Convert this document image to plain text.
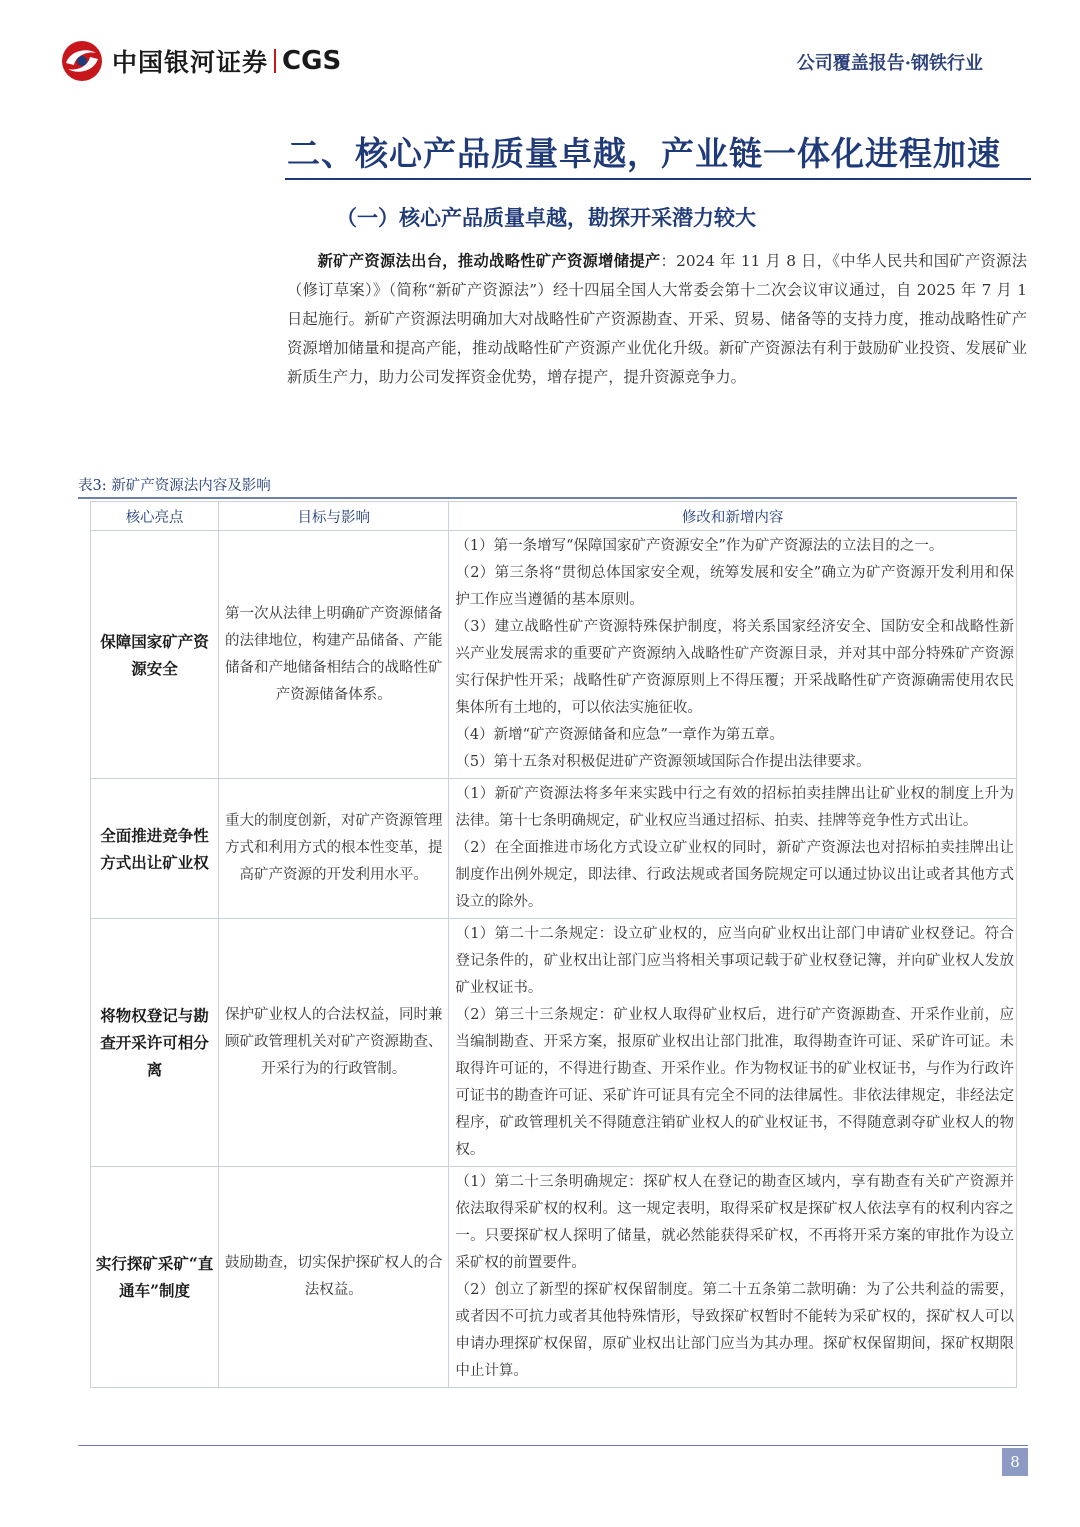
中国银河证券 CGS	公司覆盖报告·钢铁行业
二、核心产品质量卓越，产业链一体化进程加速
（一）核心产品质量卓越，勘探开采潜力较大

新矿产资源法出台，推动战略性矿产资源增储提产：2024 年 11 月 8 日，《中华人民共和国矿产资源法（修订草案）》（简称“新矿产资源法”）经十四届全国人大常委会第十二次会议审议通过，自 2025 年 7 月 1 日起施行。新矿产资源法明确加大对战略性矿产资源勘查、开采、贸易、储备等的支持力度，推动战略性矿产资源增加储量和提高产能，推动战略性矿产资源产业优化升级。新矿产资源法有利于鼓励矿业投资、发展矿业新质生产力，助力公司发挥资金优势，增存提产，提升资源竞争力。

表3: 新矿产资源法内容及影响
核心亮点	目标与影响	修改和新增内容
保障国家矿产资源安全	第一次从法律上明确矿产资源储备的法律地位，构建产品储备、产能储备和产地储备相结合的战略性矿产资源储备体系。	（1）第一条增写“保障国家矿产资源安全”作为矿产资源法的立法目的之一。

（2）第三条将“贯彻总体国家安全观，统筹发展和安全”确立为矿产资源开发利用和保护工作应当遵循的基本原则。

（3）建立战略性矿产资源特殊保护制度，将关系国家经济安全、国防安全和战略性新兴产业发展需求的重要矿产资源纳入战略性矿产资源目录，并对其中部分特殊矿产资源实行保护性开采；战略性矿产资源原则上不得压覆；开采战略性矿产资源确需使用农民集体所有土地的，可以依法实施征收。

（4）新增“矿产资源储备和应急”一章作为第五章。

（5）第十五条对积极促进矿产资源领域国际合作提出法律要求。

全面推进竞争性方式出让矿业权	重大的制度创新，对矿产资源管理方式和利用方式的根本性变革，提高矿产资源的开发利用水平。	（1）新矿产资源法将多年来实践中行之有效的招标拍卖挂牌出让矿业权的制度上升为法律。第十七条明确规定，矿业权应当通过招标、拍卖、挂牌等竞争性方式出让。

（2）在全面推进市场化方式设立矿业权的同时，新矿产资源法也对招标拍卖挂牌出让制度作出例外规定，即法律、行政法规或者国务院规定可以通过协议出让或者其他方式设立的除外。

将物权登记与勘查开采许可相分离	保护矿业权人的合法权益，同时兼顾矿政管理机关对矿产资源勘查、开采行为的行政管制。	（1）第二十二条规定：设立矿业权的，应当向矿业权出让部门申请矿业权登记。符合登记条件的，矿业权出让部门应当将相关事项记载于矿业权登记簿，并向矿业权人发放矿业权证书。

（2）第三十三条规定：矿业权人取得矿业权后，进行矿产资源勘查、开采作业前，应当编制勘查、开采方案，报原矿业权出让部门批准，取得勘查许可证、采矿许可证。未取得许可证的，不得进行勘查、开采作业。作为物权证书的矿业权证书，与作为行政许可证书的勘查许可证、采矿许可证具有完全不同的法律属性。非依法律规定，非经法定程序，矿政管理机关不得随意注销矿业权人的矿业权证书，不得随意剥夺矿业权人的物权。

实行探矿采矿“直通车”制度	鼓励勘查，切实保护探矿权人的合法权益。	（1）第二十三条明确规定：探矿权人在登记的勘查区域内，享有勘查有关矿产资源并依法取得采矿权的权利。这一规定表明，取得采矿权是探矿权人依法享有的权利内容之一。只要探矿权人探明了储量，就必然能获得采矿权，不再将开采方案的审批作为设立采矿权的前置要件。

（2）创立了新型的探矿权保留制度。第二十五条第二款明确：为了公共利益的需要，或者因不可抗力或者其他特殊情形，导致探矿权暂时不能转为采矿权的，探矿权人可以申请办理探矿权保留，原矿业权出让部门应当为其办理。探矿权保留期间，探矿权期限中止计算。

8
